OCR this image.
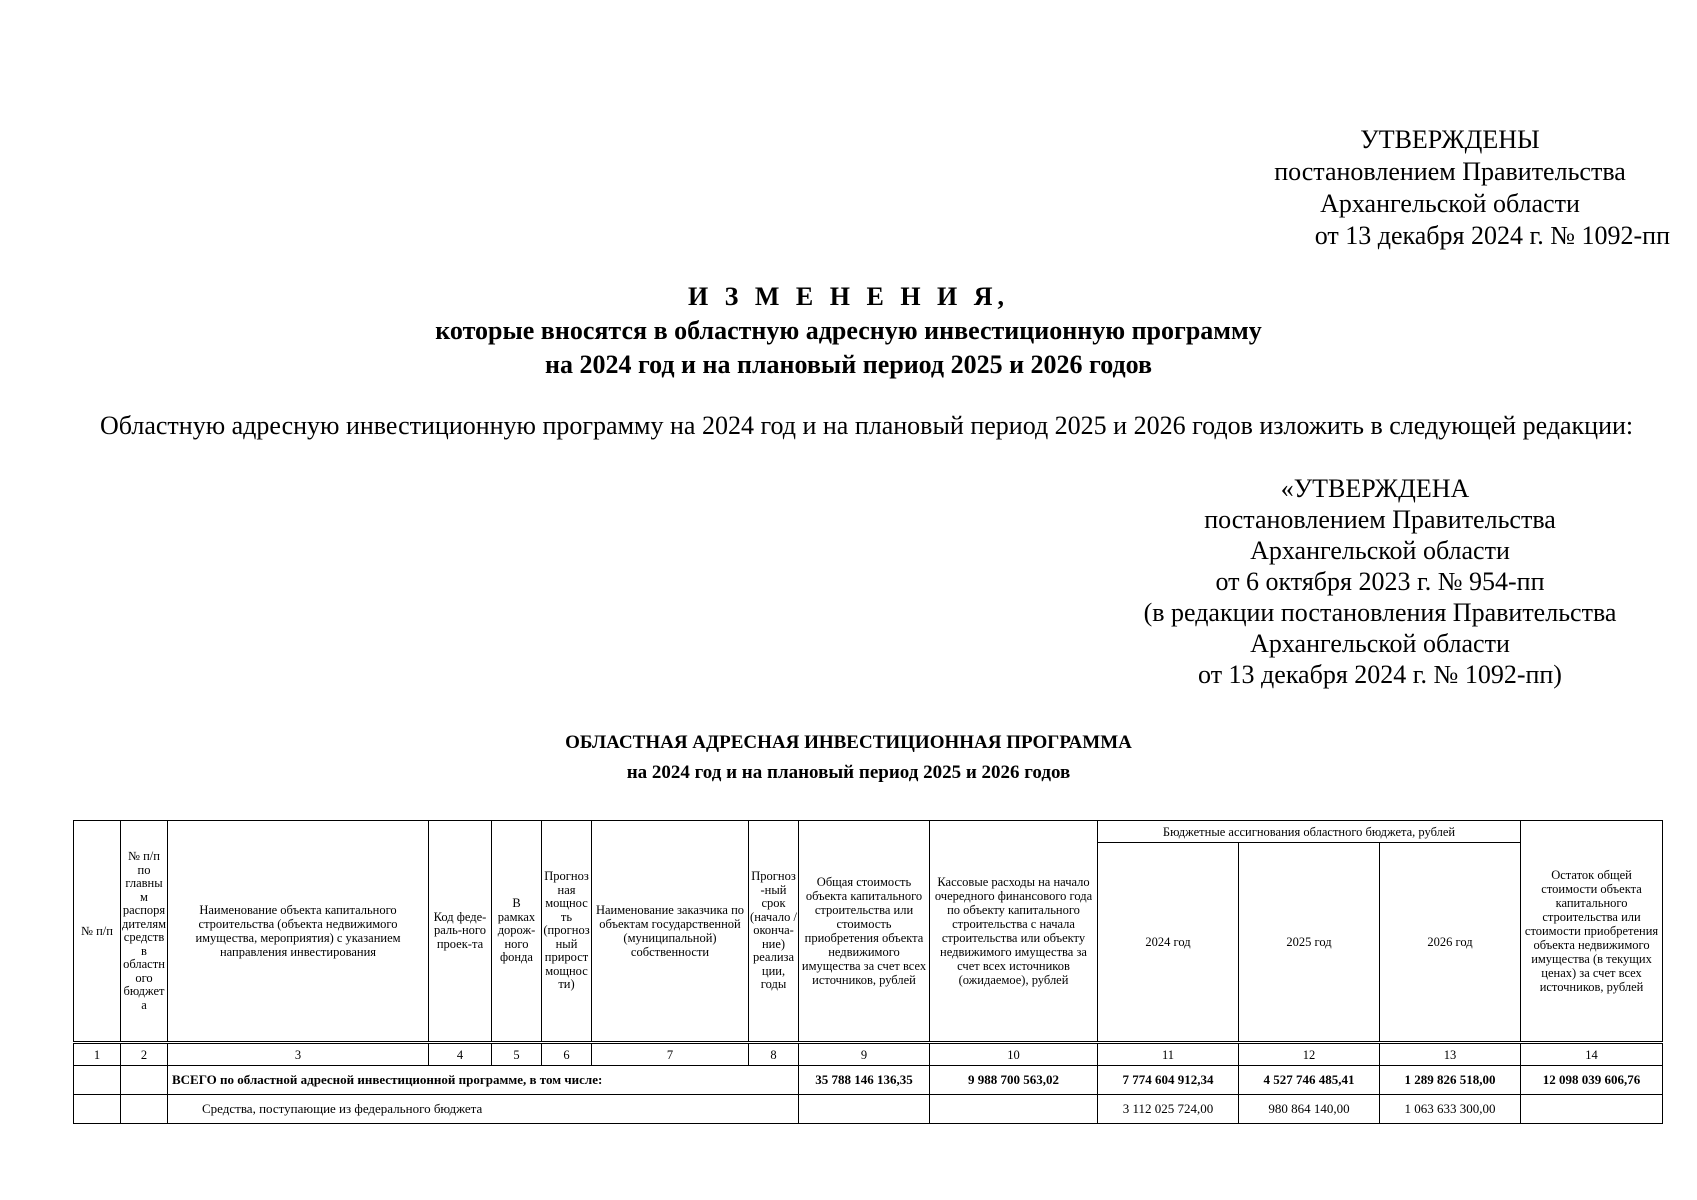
УТВЕРЖДЕНЫ
постановлением Правительства
Архангельской области
от 13 декабря 2024 г. № 1092-пп
И З М Е Н Е Н И Я,
которые вносятся в областную адресную инвестиционную программу
на 2024 год и на плановый период 2025 и 2026 годов
Областную адресную инвестиционную программу на 2024 год и на плановый период 2025 и 2026 годов изложить в следующей редакции:
«УТВЕРЖДЕНА
постановлением Правительства
Архангельской области
от 6 октября 2023 г. № 954-пп
(в редакции постановления Правительства
Архангельской области
от 13 декабря 2024 г. № 1092-пп)
ОБЛАСТНАЯ АДРЕСНАЯ ИНВЕСТИЦИОННАЯ ПРОГРАММА
на 2024 год и на плановый период 2025 и 2026 годов
№ п/п	№ п/п по главным распорядителям средств в областного бюджета	Наименование объекта капитального строительства (объекта недвижимого имущества, мероприятия) с указанием направления инвестирования	Код феде-раль-ного проек-та	В рамках дорож-ного фонда	Прогнозная мощность (прогнозный прирост мощности)	Наименование заказчика по объектам государственной (муниципальной) собственности	Прогноз-ный срок (начало / оконча-ние) реализа ции, годы	Общая стоимость объекта капитального строительства или стоимость приобретения объекта недвижимого имущества за счет всех источников, рублей	Кассовые расходы на начало очередного финансового года по объекту капитального строительства с начала строительства или объекту недвижимого имущества за счет всех источников (ожидаемое), рублей	Бюджетные ассигнования областного бюджета, рублей			Остаток общей стоимости объекта капитального строительства или стоимости приобретения объекта недвижимого имущества (в текущих ценах) за счет всех источников, рублей
										2024 год	2025 год	2026 год	
1	2	3	4	5	6	7	8	9	10	11	12	13	14
		ВСЕГО по областной адресной инвестиционной программе, в том числе:						35 788 146 136,35	9 988 700 563,02	7 774 604 912,34	4 527 746 485,41	1 289 826 518,00	12 098 039 606,76
		Средства, поступающие из федерального бюджета								3 112 025 724,00	980 864 140,00	1 063 633 300,00	
